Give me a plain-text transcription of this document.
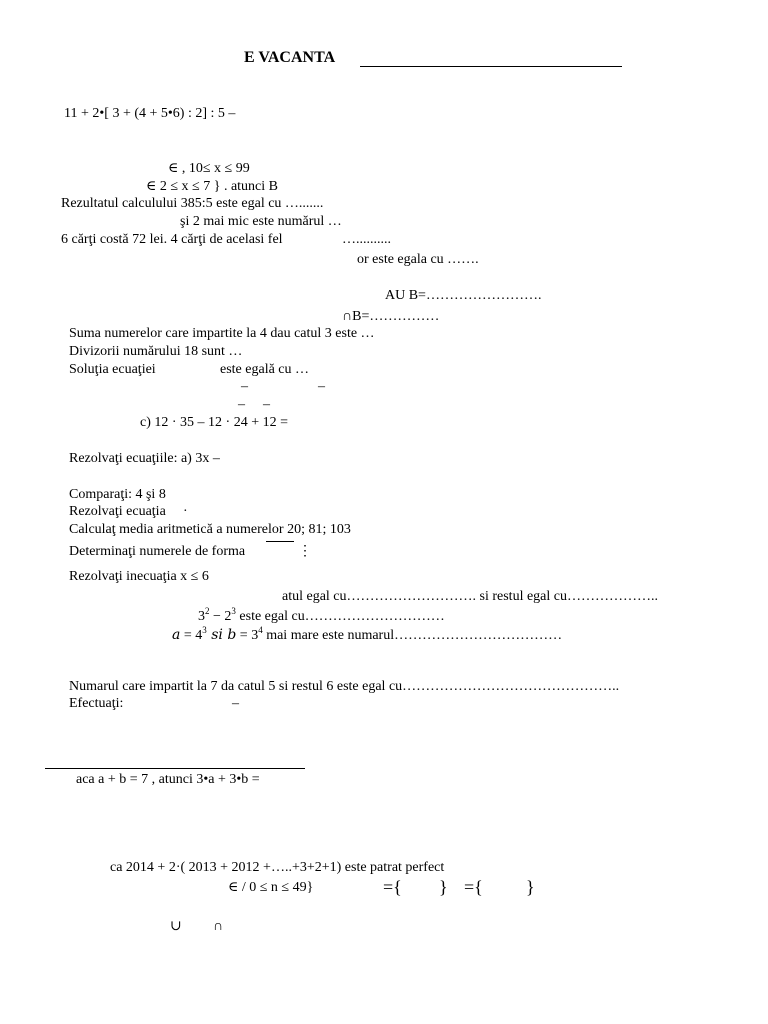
E VACANTA
11 + 2•[ 3 + (4 + 5•6) : 2] : 5 –
∈ , 10≤ x ≤ 99
∈ 2 ≤ x ≤ 7 } . atunci B
Rezultatul calculului 385:5 este egal cu ….......
şi 2 mai mic este numărul …
6 cărţi costă 72 lei. 4 cărţi de acelasi fel	…..........
or este egala cu …….
AU B=…………………….
∩B=……………
Suma numerelor care impartite la 4 dau catul 3 este …
Divizorii numărului 18 sunt …
Soluţia ecuaţiei	este egală cu …
–	–
– –
c) 12 · 35 – 12 · 24 + 12 =
Rezolvaţi ecuaţiile: a) 3x –
Comparaţi: 4 şi 8
Rezolvaţi ecuaţia ·
Calculaţ media aritmetică a numerelor 20; 81; 103
Determinaţi numerele de forma	⋮
Rezolvaţi inecuaţia x ≤ 6
atul egal cu………………………. si restul egal cu………………..
$3^2 - 2^3$ este egal cu…………………………
$a = 4^3$ si $b = 3^4$ mai mare este numarul………………………………
Numarul care impartit la 7 da catul 5 si restul 6 este egal cu………………………………………..
Efectuaţi:	–
aca a + b = 7 , atunci 3•a + 3•b =
ca 2014 + 2·( 2013 + 2012 +…..+3+2+1) este patrat perfect
∈ / 0 ≤ n ≤ 49}	={ } ={ }
∪ ∩
